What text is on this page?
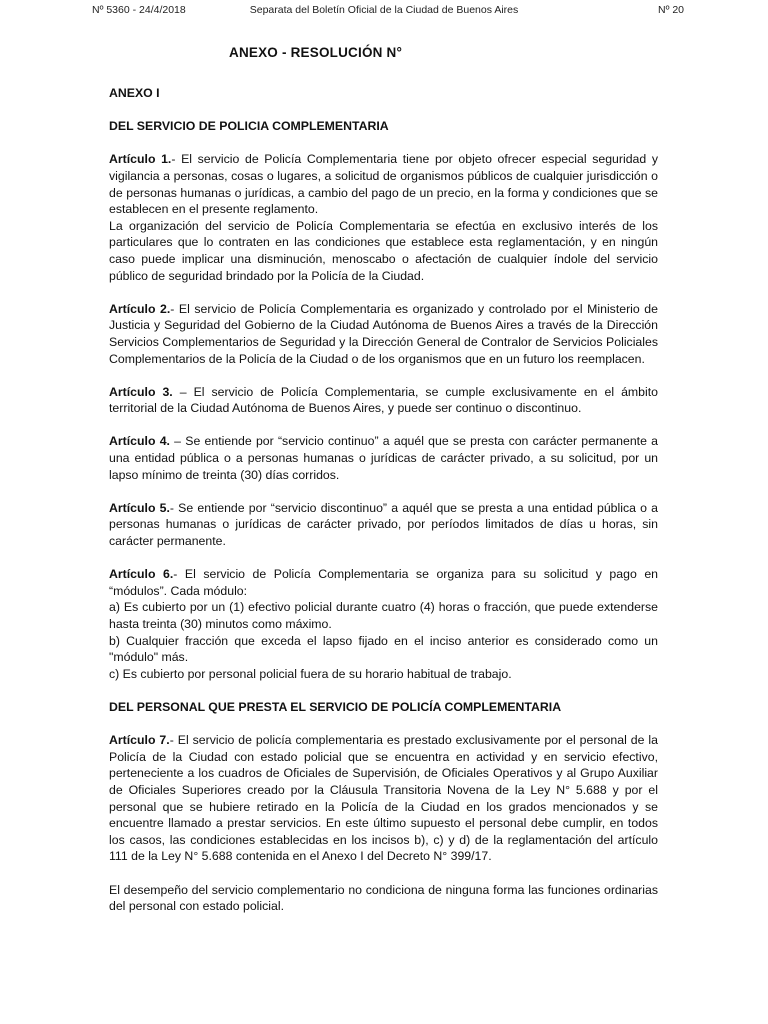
Nº 5360 - 24/4/2018	Separata del Boletín Oficial de la Ciudad de Buenos Aires	Nº 20
ANEXO - RESOLUCIÓN N°

ANEXO I

DEL SERVICIO DE POLICIA COMPLEMENTARIA

Artículo 1.- El servicio de Policía Complementaria tiene por objeto ofrecer especial seguridad y vigilancia a personas, cosas o lugares, a solicitud de organismos públicos de cualquier jurisdicción o de personas humanas o jurídicas, a cambio del pago de un precio, en la forma y condiciones que se establecen en el presente reglamento.

La organización del servicio de Policía Complementaria se efectúa en exclusivo interés de los particulares que lo contraten en las condiciones que establece esta reglamentación, y en ningún caso puede implicar una disminución, menoscabo o afectación de cualquier índole del servicio público de seguridad brindado por la Policía de la Ciudad.

Artículo 2.- El servicio de Policía Complementaria es organizado y controlado por el Ministerio de Justicia y Seguridad del Gobierno de la Ciudad Autónoma de Buenos Aires a través de la Dirección Servicios Complementarios de Seguridad y la Dirección General de Contralor de Servicios Policiales Complementarios de la Policía de la Ciudad o de los organismos que en un futuro los reemplacen.

Artículo 3. – El servicio de Policía Complementaria, se cumple exclusivamente en el ámbito territorial de la Ciudad Autónoma de Buenos Aires, y puede ser continuo o discontinuo.

Artículo 4. – Se entiende por “servicio continuo” a aquél que se presta con carácter permanente a una entidad pública o a personas humanas o jurídicas de carácter privado, a su solicitud, por un lapso mínimo de treinta (30) días corridos.

Artículo 5.- Se entiende por “servicio discontinuo” a aquél que se presta a una entidad pública o a personas humanas o jurídicas de carácter privado, por períodos limitados de días u horas, sin carácter permanente.

Artículo 6.- El servicio de Policía Complementaria se organiza para su solicitud y pago en “módulos”. Cada módulo:

a) Es cubierto por un (1) efectivo policial durante cuatro (4) horas o fracción, que puede extenderse hasta treinta (30) minutos como máximo.

b) Cualquier fracción que exceda el lapso fijado en el inciso anterior es considerado como un "módulo" más.

c) Es cubierto por personal policial fuera de su horario habitual de trabajo.

DEL PERSONAL QUE PRESTA EL SERVICIO DE POLICÍA COMPLEMENTARIA

Artículo 7.- El servicio de policía complementaria es prestado exclusivamente por el personal de la Policía de la Ciudad con estado policial que se encuentra en actividad y en servicio efectivo, perteneciente a los cuadros de Oficiales de Supervisión, de Oficiales Operativos y al Grupo Auxiliar de Oficiales Superiores creado por la Cláusula Transitoria Novena de la Ley N° 5.688 y por el personal que se hubiere retirado en la Policía de la Ciudad en los grados mencionados y se encuentre llamado a prestar servicios. En este último supuesto el personal debe cumplir, en todos los casos, las condiciones establecidas en los incisos b), c) y d) de la reglamentación del artículo 111 de la Ley N° 5.688 contenida en el Anexo I del Decreto N° 399/17.

El desempeño del servicio complementario no condiciona de ninguna forma las funciones ordinarias del personal con estado policial.
